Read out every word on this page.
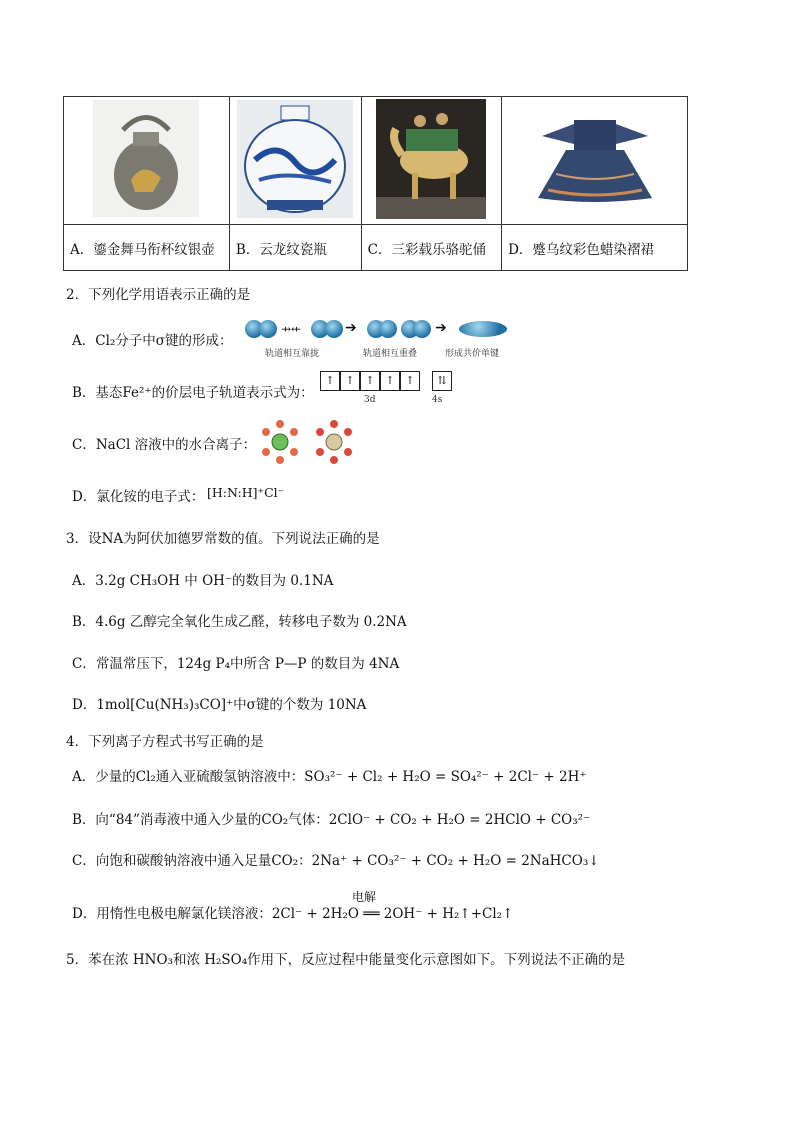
A．鎏金舞马衔杯纹银壶	B．云龙纹瓷瓶	C．三彩载乐骆驼俑	D．蹙乌纹彩色蜡染褶裙
2．下列化学用语表示正确的是
A．Cl₂分子中σ键的形成：
⇸⇷	➔	➔
轨道相互靠拢	轨道相互重叠	形成共价单键
B．基态Fe²⁺的价层电子轨道表示式为：
↑ ↑ ↑ ↑ ↑ ⇅
3d	4s
C．NaCl 溶液中的水合离子：
D．氯化铵的电子式： [H:N:H]⁺Cl⁻
3．设NA为阿伏加德罗常数的值。下列说法正确的是
A．3.2g CH₃OH 中 OH⁻的数目为 0.1NA
B．4.6g 乙醇完全氧化生成乙醛，转移电子数为 0.2NA
C．常温常压下，124g P₄中所含 P—P 的数目为 4NA
D．1mol[Cu(NH₃)₃CO]⁺中σ键的个数为 10NA
4．下列离子方程式书写正确的是
A．少量的Cl₂通入亚硫酸氢钠溶液中：SO₃²⁻ + Cl₂ + H₂O = SO₄²⁻ + 2Cl⁻ + 2H⁺
B．向“84”消毒液中通入少量的CO₂气体：2ClO⁻ + CO₂ + H₂O = 2HClO + CO₃²⁻
C．向饱和碳酸钠溶液中通入足量CO₂：2Na⁺ + CO₃²⁻ + CO₂ + H₂O = 2NaHCO₃↓
电解
D．用惰性电极电解氯化镁溶液：2Cl⁻ + 2H₂O ══ 2OH⁻ + H₂↑+Cl₂↑
5．苯在浓 HNO₃和浓 H₂SO₄作用下，反应过程中能量变化示意图如下。下列说法不正确的是
